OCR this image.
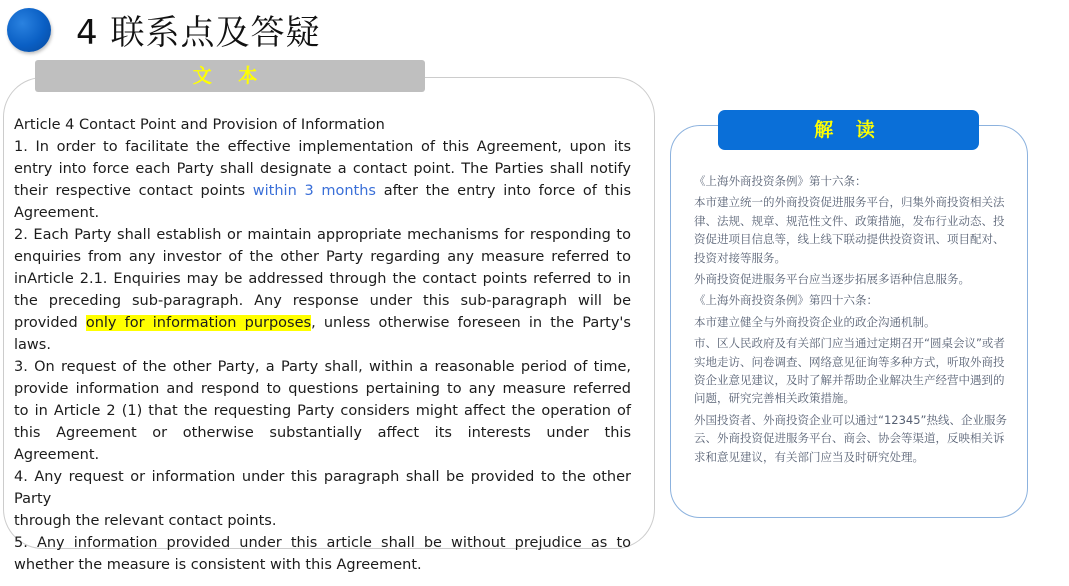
4 联系点及答疑
文 本
Article 4 Contact Point and Provision of Information
1. In order to facilitate the effective implementation of this Agreement, upon its
entry into force each Party shall designate a contact point. The Parties shall notify
their respective contact points within 3 months after the entry into force of this
Agreement.
2. Each Party shall establish or maintain appropriate mechanisms for responding to
enquiries from any investor of the other Party regarding any measure referred to
inArticle 2.1. Enquiries may be addressed through the contact points referred to in
the preceding sub-paragraph. Any response under this sub-paragraph will be
provided only for information purposes, unless otherwise foreseen in the Party's
laws.
3. On request of the other Party, a Party shall, within a reasonable period of time,
provide information and respond to questions pertaining to any measure referred
to in Article 2 (1) that the requesting Party considers might affect the operation of
this Agreement or otherwise substantially affect its interests under this
Agreement.
4. Any request or information under this paragraph shall be provided to the other
Party
through the relevant contact points.
5. Any information provided under this article shall be without prejudice as to
whether the measure is consistent with this Agreement.
解 读

《上海外商投资条例》第十六条：

本市建立统一的外商投资促进服务平台，归集外商投资相关法律、法规、规章、规范性文件、政策措施，发布行业动态、投资促进项目信息等，线上线下联动提供投资资讯、项目配对、投资对接等服务。

外商投资促进服务平台应当逐步拓展多语种信息服务。

《上海外商投资条例》第四十六条：

本市建立健全与外商投资企业的政企沟通机制。

市、区人民政府及有关部门应当通过定期召开“圆桌会议”或者实地走访、问卷调查、网络意见征询等多种方式，听取外商投资企业意见建议，及时了解并帮助企业解决生产经营中遇到的问题，研究完善相关政策措施。

外国投资者、外商投资企业可以通过“12345”热线、企业服务云、外商投资促进服务平台、商会、协会等渠道，反映相关诉求和意见建议，有关部门应当及时研究处理。
